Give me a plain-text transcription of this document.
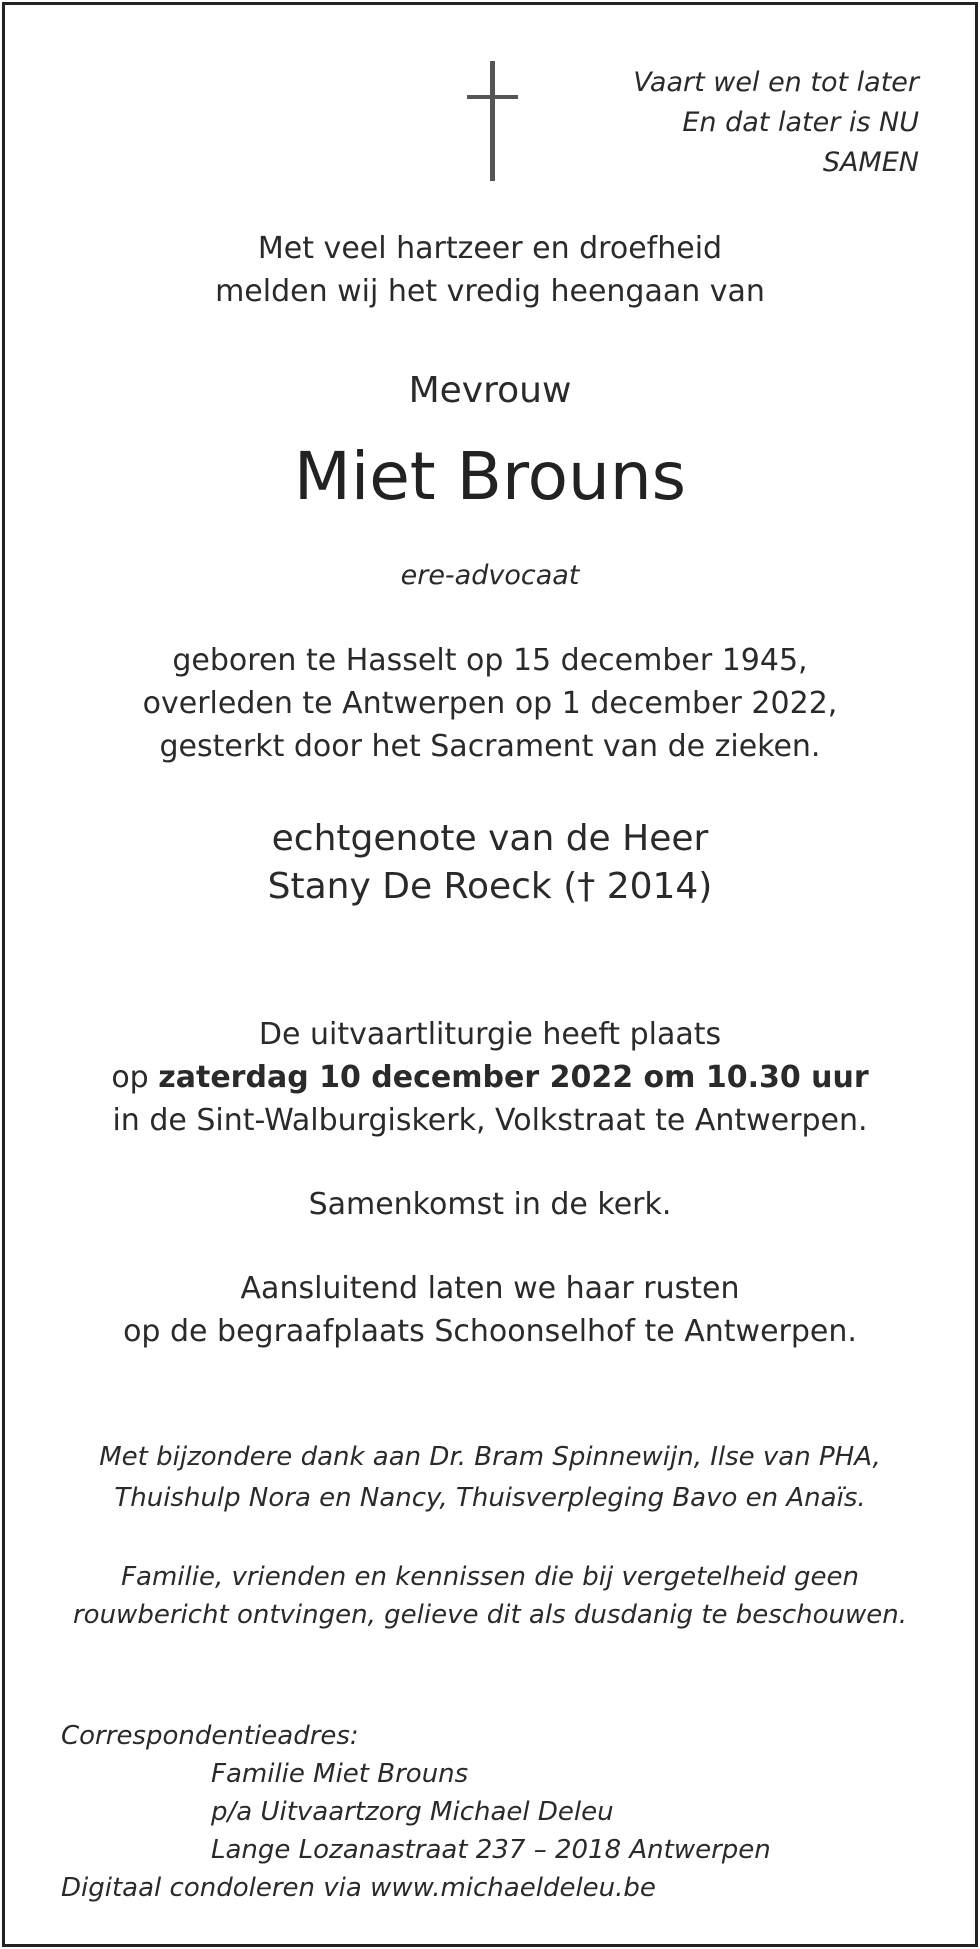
Vaart wel en tot later
En dat later is NU
SAMEN
Met veel hartzeer en droefheid
melden wij het vredig heengaan van
Mevrouw
Miet Brouns
ere-advocaat
geboren te Hasselt op 15 december 1945,
overleden te Antwerpen op 1 december 2022,
gesterkt door het Sacrament van de zieken.
echtgenote van de Heer
Stany De Roeck († 2014)
De uitvaartliturgie heeft plaats
op zaterdag 10 december 2022 om 10.30 uur
in de Sint-Walburgiskerk, Volkstraat te Antwerpen.
Samenkomst in de kerk.
Aansluitend laten we haar rusten
op de begraafplaats Schoonselhof te Antwerpen.
Met bijzondere dank aan Dr. Bram Spinnewijn, Ilse van PHA,
Thuishulp Nora en Nancy, Thuisverpleging Bavo en Anaïs.
Familie, vrienden en kennissen die bij vergetelheid geen
rouwbericht ontvingen, gelieve dit als dusdanig te beschouwen.
Correspondentieadres:
Familie Miet Brouns
p/a Uitvaartzorg Michael Deleu
Lange Lozanastraat 237 – 2018 Antwerpen
Digitaal condoleren via www.michaeldeleu.be
